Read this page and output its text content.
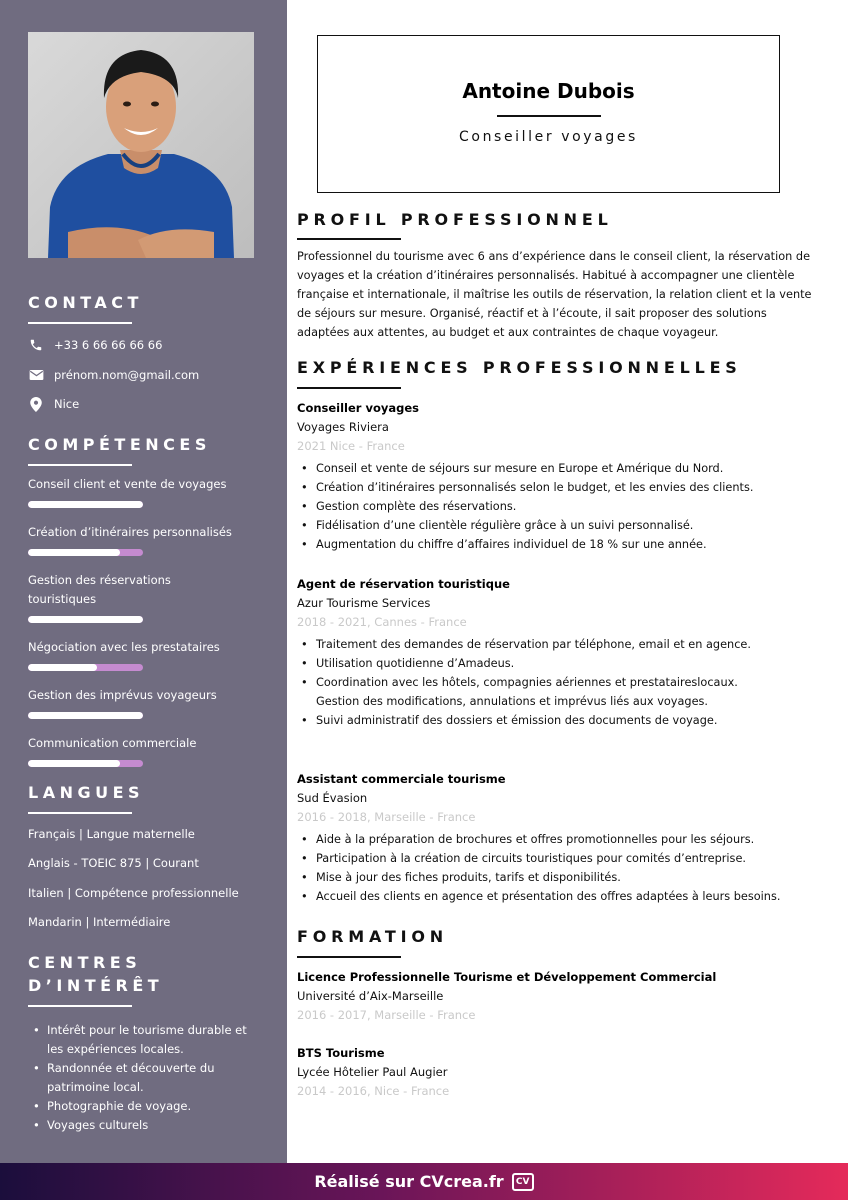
CONTACT
+33 6 66 66 66 66
prénom.nom@gmail.com
Nice
COMPÉTENCES
Conseil client et vente de voyages
Création d’itinéraires personnalisés
Gestion des réservations touristiques
Négociation avec les prestataires
Gestion des imprévus voyageurs
Communication commerciale
LANGUES
Français | Langue maternelle
Anglais - TOEIC 875 | Courant
Italien | Compétence professionnelle
Mandarin | Intermédiaire
CENTRES
D’INTÉRÊT
• Intérêt pour le tourisme durable et les expériences locales.
• Randonnée et découverte du patrimoine local.
• Photographie de voyage.
• Voyages culturels
Antoine Dubois
Conseiller voyages
PROFIL PROFESSIONNEL
Professionnel du tourisme avec 6 ans d’expérience dans le conseil client, la réservation de voyages et la création d’itinéraires personnalisés. Habitué à accompagner une clientèle française et internationale, il maîtrise les outils de réservation, la relation client et la vente de séjours sur mesure. Organisé, réactif et à l’écoute, il sait proposer des solutions adaptées aux attentes, au budget et aux contraintes de chaque voyageur.
EXPÉRIENCES PROFESSIONNELLES
Conseiller voyages
Voyages Riviera
2021 Nice - France
• Conseil et vente de séjours sur mesure en Europe et Amérique du Nord.
• Création d’itinéraires personnalisés selon le budget, et les envies des clients.
• Gestion complète des réservations.
• Fidélisation d’une clientèle régulière grâce à un suivi personnalisé.
• Augmentation du chiffre d’affaires individuel de 18 % sur une année.
Agent de réservation touristique
Azur Tourisme Services
2018 - 2021, Cannes - France
• Traitement des demandes de réservation par téléphone, email et en agence.
• Utilisation quotidienne d’Amadeus.
• Coordination avec les hôtels, compagnies aériennes et prestataireslocaux. Gestion des modifications, annulations et imprévus liés aux voyages.
• Suivi administratif des dossiers et émission des documents de voyage.
Assistant commerciale tourisme
Sud Évasion
2016 - 2018, Marseille - France
• Aide à la préparation de brochures et offres promotionnelles pour les séjours.
• Participation à la création de circuits touristiques pour comités d’entreprise.
• Mise à jour des fiches produits, tarifs et disponibilités.
• Accueil des clients en agence et présentation des offres adaptées à leurs besoins.
FORMATION
Licence Professionnelle Tourisme et Développement Commercial
Université d’Aix-Marseille
2016 - 2017, Marseille - France
BTS Tourisme
Lycée Hôtelier Paul Augier
2014 - 2016, Nice - France
Réalisé sur CVcrea.fr	CV
